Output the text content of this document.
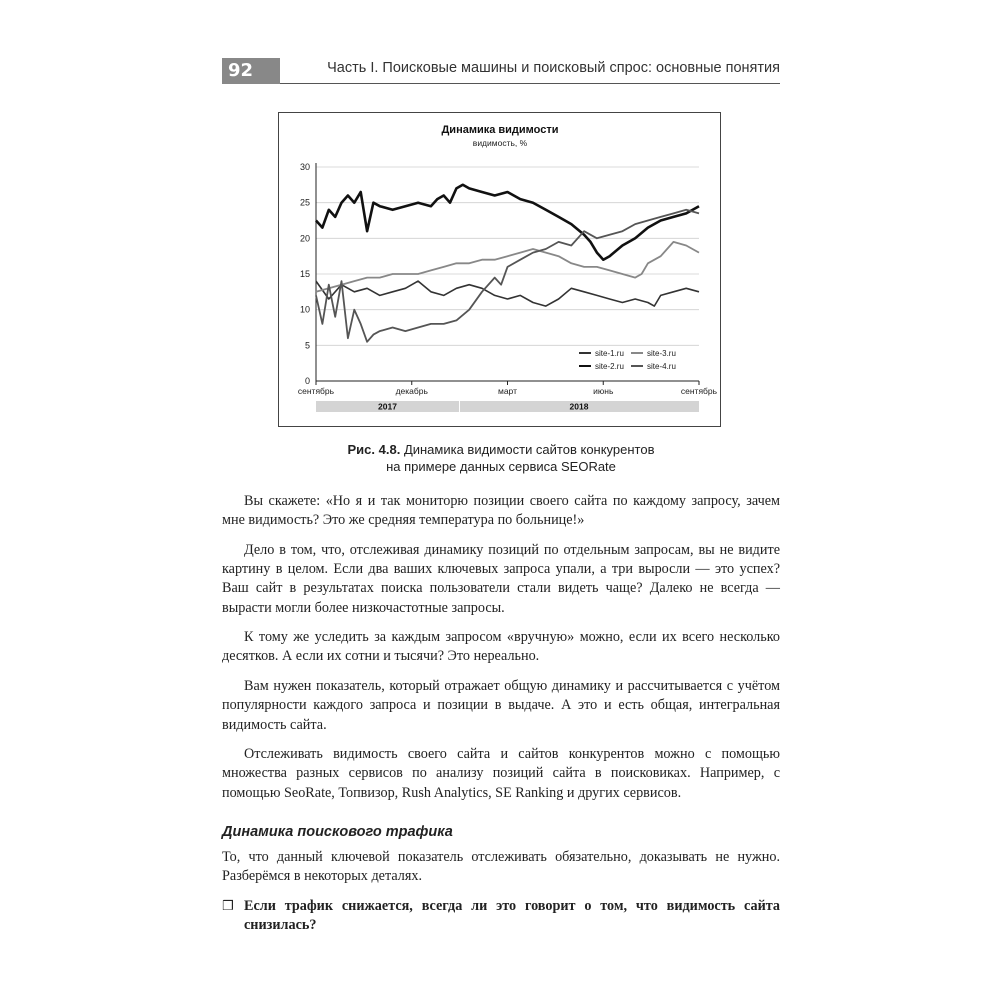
92	Часть I. Поисковые машины и поисковый спрос: основные понятия
Динамика видимости
видимость, %
0
5
10
15
20
25
30
сентябрь	декабрь	март	июнь	сентябрь
2017	2018
site-1.ru
site-2.ru
site-3.ru
site-4.ru
Рис. 4.8. Динамика видимости сайтов конкурентов
на примере данных сервиса SEORate

Вы скажете: «Но я и так мониторю позиции своего сайта по каждому запросу, зачем мне видимость? Это же средняя температура по больнице!»

Дело в том, что, отслеживая динамику позиций по отдельным запросам, вы не видите картину в целом. Если два ваших ключевых запроса упали, а три выросли — это успех? Ваш сайт в результатах поиска пользователи стали видеть чаще? Далеко не всегда — вырасти могли более низкочастотные запросы.

К тому же уследить за каждым запросом «вручную» можно, если их всего несколько десятков. А если их сотни и тысячи? Это нереально.

Вам нужен показатель, который отражает общую динамику и рассчитывается с учётом популярности каждого запроса и позиции в выдаче. А это и есть общая, интегральная видимость сайта.

Отслеживать видимость своего сайта и сайтов конкурентов можно с помощью множества разных сервисов по анализу позиций сайта в поисковиках. Например, с помощью SeoRate, Топвизор, Rush Analytics, SE Ranking и других сервисов.

Динамика поискового трафика

То, что данный ключевой показатель отслеживать обязательно, доказывать не нужно. Разберёмся в некоторых деталях.

❒ Если трафик снижается, всегда ли это говорит о том, что видимость сайта снизилась?
